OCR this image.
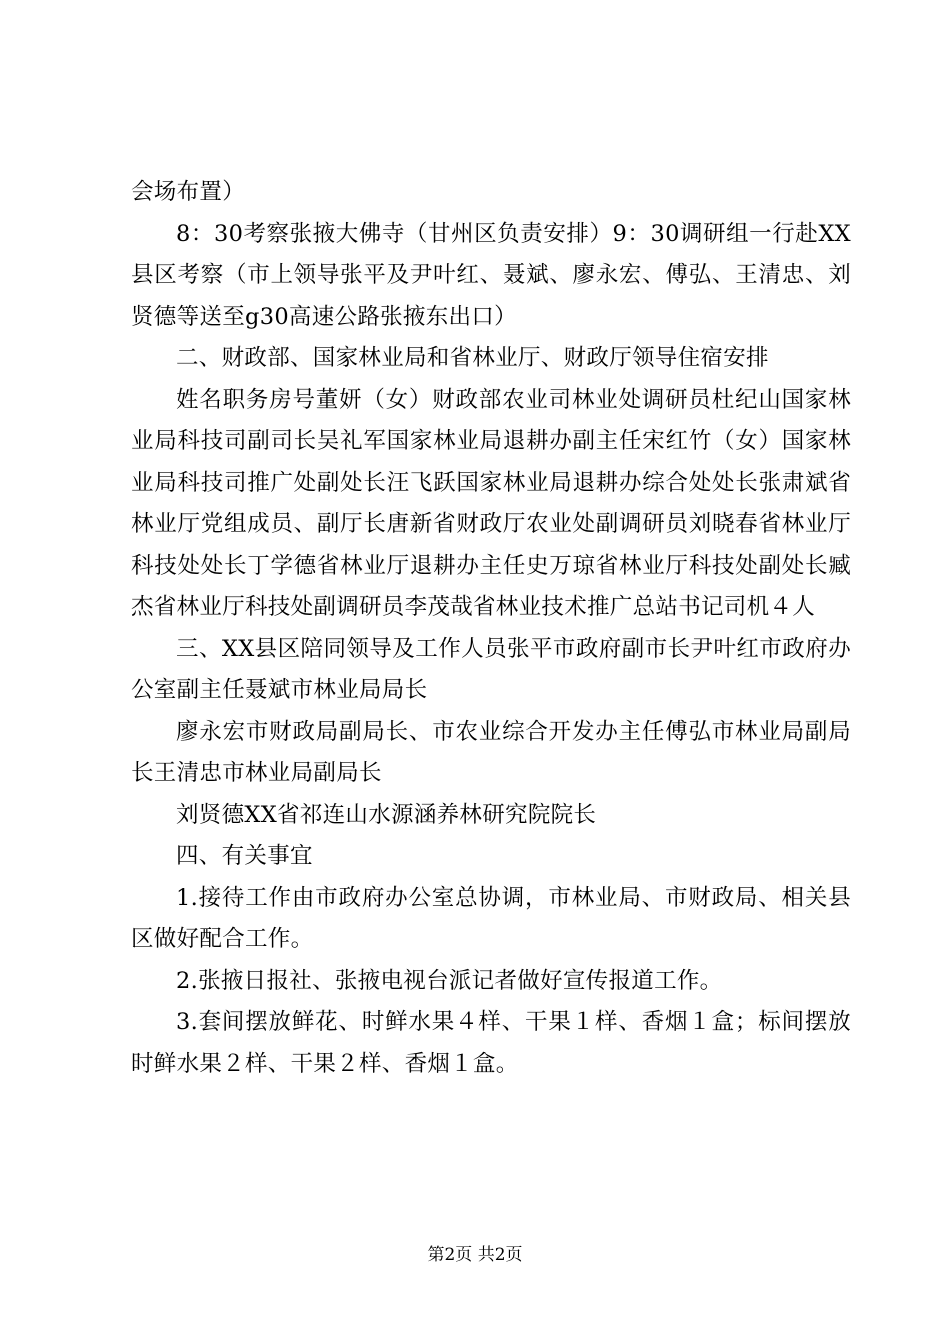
会场布置）

8：30考察张掖大佛寺（甘州区负责安排）9：30调研组一行赴XX县区考察（市上领导张平及尹叶红、聂斌、廖永宏、傅弘、王清忠、刘贤德等送至g30高速公路张掖东出口）

二、财政部、国家林业局和省林业厅、财政厅领导住宿安排

姓名职务房号董妍（女）财政部农业司林业处调研员杜纪山国家林业局科技司副司长吴礼军国家林业局退耕办副主任宋红竹（女）国家林业局科技司推广处副处长汪飞跃国家林业局退耕办综合处处长张肃斌省林业厅党组成员、副厅长唐新省财政厅农业处副调研员刘晓春省林业厅科技处处长丁学德省林业厅退耕办主任史万琼省林业厅科技处副处长臧杰省林业厅科技处副调研员李茂哉省林业技术推广总站书记司机４人

三、XX县区陪同领导及工作人员张平市政府副市长尹叶红市政府办公室副主任聂斌市林业局局长

廖永宏市财政局副局长、市农业综合开发办主任傅弘市林业局副局长王清忠市林业局副局长

刘贤德XX省祁连山水源涵养林研究院院长

四、有关事宜

1.接待工作由市政府办公室总协调，市林业局、市财政局、相关县区做好配合工作。

2.张掖日报社、张掖电视台派记者做好宣传报道工作。

3.套间摆放鲜花、时鲜水果４样、干果１样、香烟１盒；标间摆放时鲜水果２样、干果２样、香烟１盒。

第2页 共2页
